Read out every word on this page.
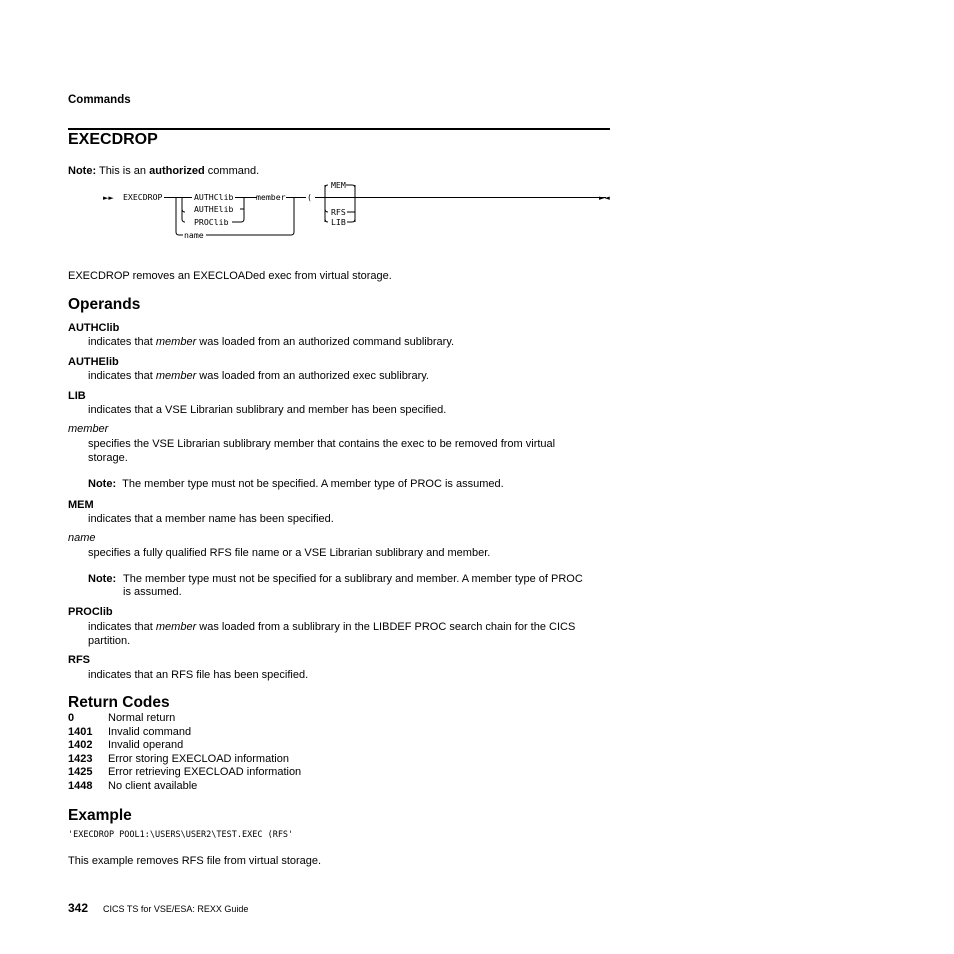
Commands
EXECDROP
Note: This is an authorized command.
►► EXECDROP	AUTHClib
AUTHElib
PROClib
name
member	(
MEM
RFS
LIB
►◄
EXECDROP removes an EXECLOADed exec from virtual storage.
Operands
AUTHClib
indicates that member was loaded from an authorized command sublibrary.
AUTHElib
indicates that member was loaded from an authorized exec sublibrary.
LIB
indicates that a VSE Librarian sublibrary and member has been specified.
member
specifies the VSE Librarian sublibrary member that contains the exec to be removed from virtual
storage.
Note: The member type must not be specified. A member type of PROC is assumed.
MEM
indicates that a member name has been specified.
name
specifies a fully qualified RFS file name or a VSE Librarian sublibrary and member.
Note: The member type must not be specified for a sublibrary and member. A member type of PROC
is assumed.
PROClib
indicates that member was loaded from a sublibrary in the LIBDEF PROC search chain for the CICS
partition.
RFS
indicates that an RFS file has been specified.
Return Codes
0	Normal return
1401 Invalid command
1402 Invalid operand
1423 Error storing EXECLOAD information
1425 Error retrieving EXECLOAD information
1448 No client available
Example
'EXECDROP POOL1:\USERS\USER2\TEST.EXEC (RFS'
This example removes RFS file from virtual storage.
342 CICS TS for VSE/ESA: REXX Guide
